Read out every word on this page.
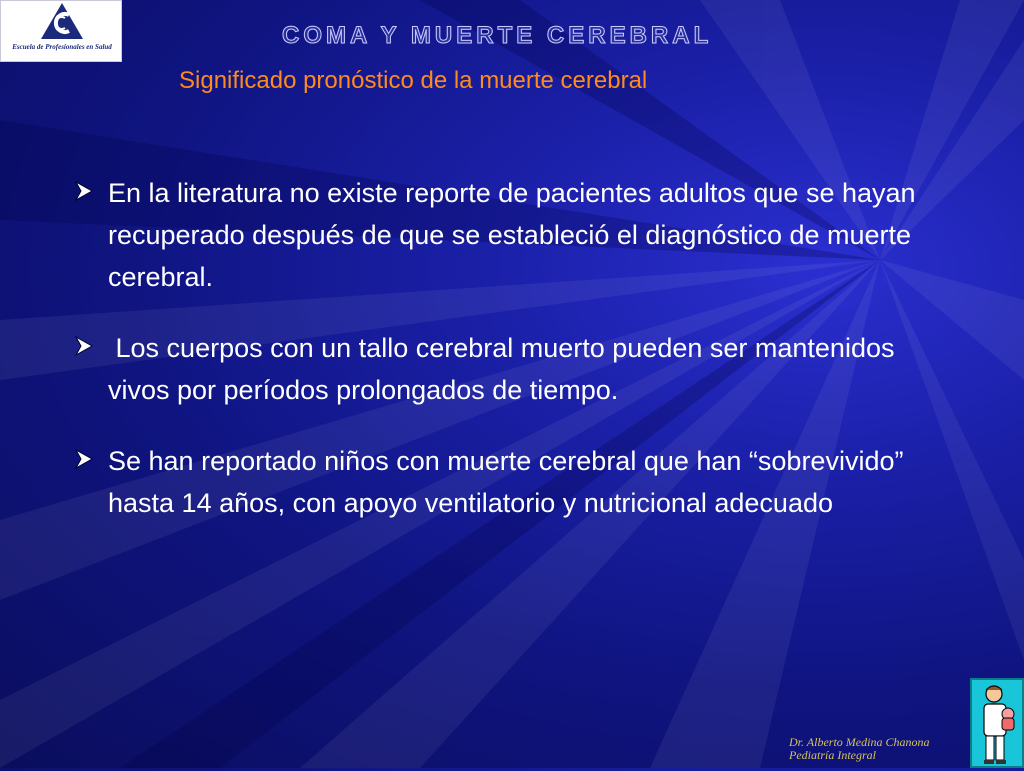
Escuela de Profesionales en Salud	COMA Y MUERTE CEREBRAL
Significado pronóstico de la muerte cerebral
En la literatura no existe reporte de pacientes adultos que se hayan recuperado después de que se estableció el diagnóstico de muerte cerebral.
Los cuerpos con un tallo cerebral muerto pueden ser mantenidos vivos por períodos prolongados de tiempo.
Se han reportado niños con muerte cerebral que han “sobrevivido” hasta 14 años, con apoyo ventilatorio y nutricional adecuado
Dr. Alberto Medina Chanona
Pediatría Integral
